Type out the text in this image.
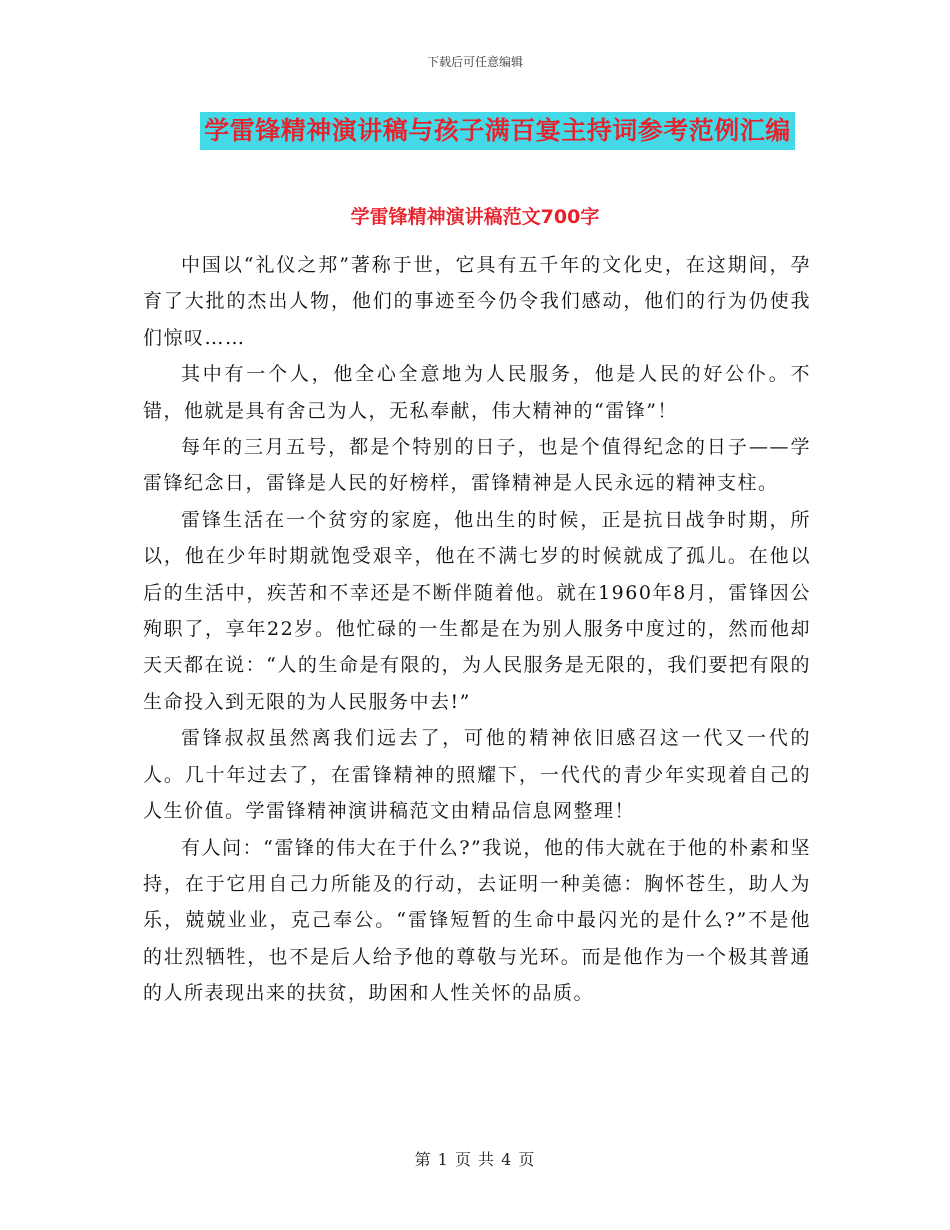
下载后可任意编辑
学雷锋精神演讲稿与孩子满百宴主持词参考范例汇编
学雷锋精神演讲稿范文700字

中国以“礼仪之邦”著称于世，它具有五千年的文化史，在这期间，孕育了大批的杰出人物，他们的事迹至今仍令我们感动，他们的行为仍使我们惊叹……

其中有一个人，他全心全意地为人民服务，他是人民的好公仆。不错，他就是具有舍己为人，无私奉献，伟大精神的“雷锋”！

每年的三月五号，都是个特别的日子，也是个值得纪念的日子——学雷锋纪念日，雷锋是人民的好榜样，雷锋精神是人民永远的精神支柱。

雷锋生活在一个贫穷的家庭，他出生的时候，正是抗日战争时期，所以，他在少年时期就饱受艰辛，他在不满七岁的时候就成了孤儿。在他以后的生活中，疾苦和不幸还是不断伴随着他。就在1960年8月，雷锋因公殉职了，享年22岁。他忙碌的一生都是在为别人服务中度过的，然而他却天天都在说：“人的生命是有限的，为人民服务是无限的，我们要把有限的生命投入到无限的为人民服务中去!”

雷锋叔叔虽然离我们远去了，可他的精神依旧感召这一代又一代的人。几十年过去了，在雷锋精神的照耀下，一代代的青少年实现着自己的人生价值。学雷锋精神演讲稿范文由精品信息网整理！

有人问：“雷锋的伟大在于什么?”我说，他的伟大就在于他的朴素和坚持，在于它用自己力所能及的行动，去证明一种美德：胸怀苍生，助人为乐，兢兢业业，克己奉公。“雷锋短暂的生命中最闪光的是什么?”不是他的壮烈牺牲，也不是后人给予他的尊敬与光环。而是他作为一个极其普通的人所表现出来的扶贫，助困和人性关怀的品质。

第 1 页 共 4 页
